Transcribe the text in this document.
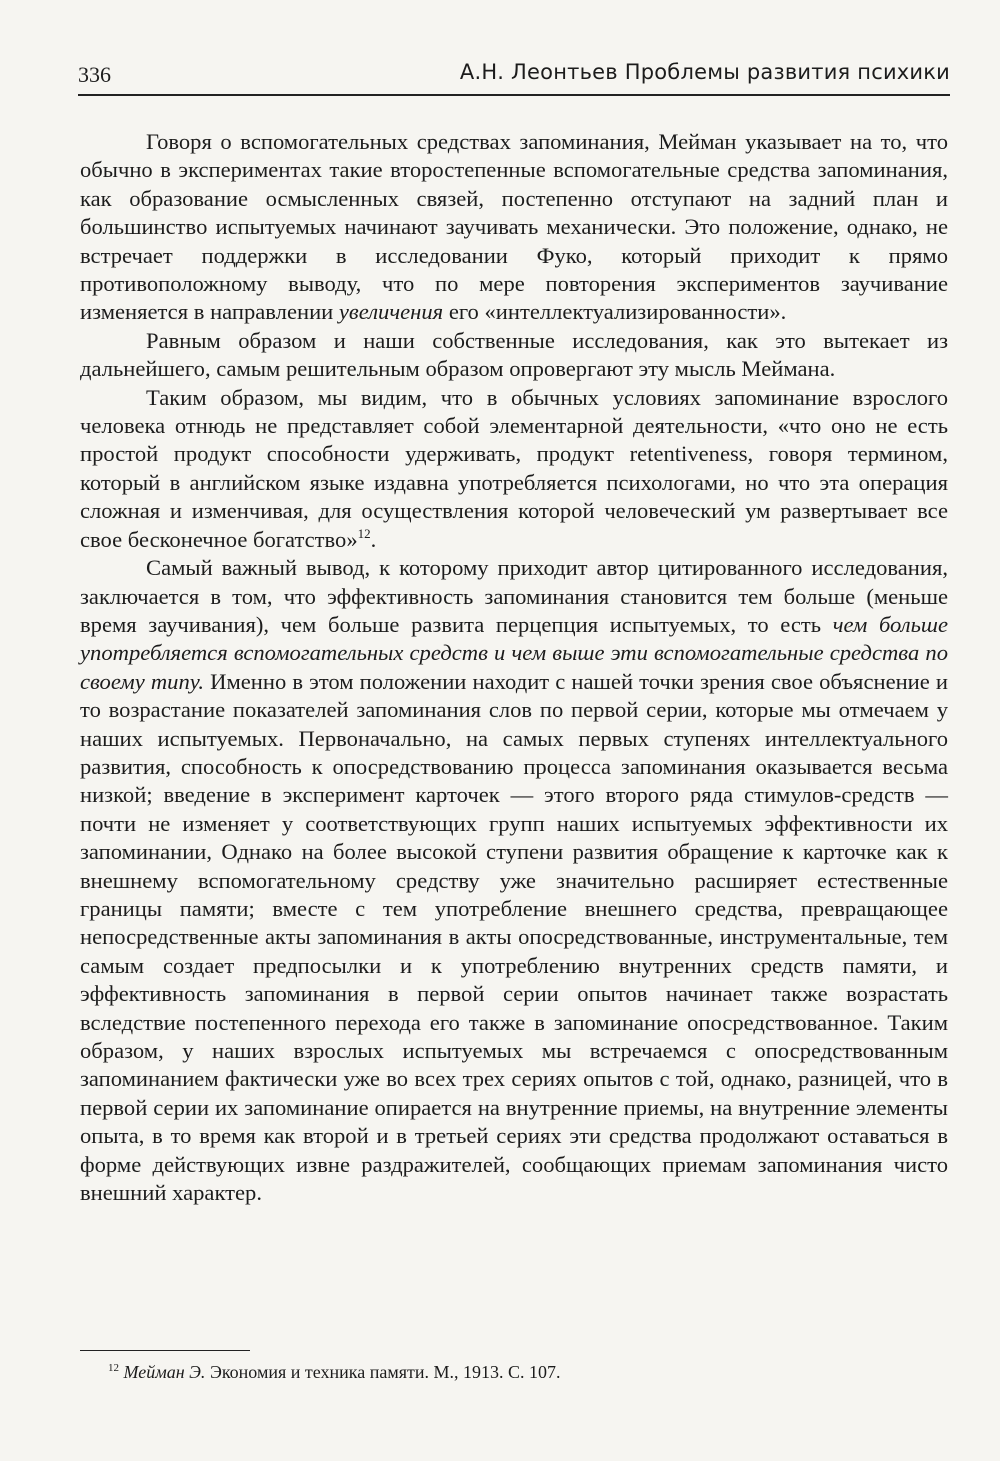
336	А.Н. Леонтьев Проблемы развития психики

Говоря о вспомогательных средствах запоминания, Мейман указывает на то, что обычно в экспериментах такие второстепенные вспомогательные средства запоминания, как образование осмысленных связей, постепенно отступают на задний план и большинство испытуемых начинают заучивать механически. Это положение, однако, не встречает поддержки в исследовании Фуко, который приходит к прямо противоположному выводу, что по мере повторения экспериментов заучивание изменяется в направлении увеличения его «интеллектуализированности».

Равным образом и наши собственные исследования, как это вытекает из дальнейшего, самым решительным образом опровергают эту мысль Меймана.

Таким образом, мы видим, что в обычных условиях запоминание взрослого человека отнюдь не представляет собой элементарной деятельности, «что оно не есть простой продукт способности удерживать, продукт retentiveness, говоря термином, который в английском языке издавна употребляется психологами, но что эта операция сложная и изменчивая, для осуществления которой человеческий ум развертывает все свое бесконечное богатство»$^{12}$.

Самый важный вывод, к которому приходит автор цитированного исследования, заключается в том, что эффективность запоминания становится тем больше (меньше время заучивания), чем больше развита перцепция испытуемых, то есть чем больше употребляется вспомогательных средств и чем выше эти вспомогательные средства по своему типу. Именно в этом положении находит с нашей точки зрения свое объяснение и то возрастание показателей запоминания слов по первой серии, которые мы отмечаем у наших испытуемых. Первоначально, на самых первых ступенях интеллектуального развития, способность к опосредствованию процесса запоминания оказывается весьма низкой; введение в эксперимент карточек — этого второго ряда стимулов-средств — почти не изменяет у соответствующих групп наших испытуемых эффективности их запоминании, Однако на более высокой ступени развития обращение к карточке как к внешнему вспомогательному средству уже значительно расширяет естественные границы памяти; вместе с тем употребление внешнего средства, превращающее непосредственные акты запоминания в акты опосредствованные, инструментальные, тем самым создает предпосылки и к употреблению внутренних средств памяти, и эффективность запоминания в первой серии опытов начинает также возрастать вследствие постепенного перехода его также в запоминание опосредствованное. Таким образом, у наших взрослых испытуемых мы встречаемся с опосредствованным запоминанием фактически уже во всех трех сериях опытов с той, однако, разницей, что в первой серии их запоминание опирается на внутренние приемы, на внутренние элементы опыта, в то время как второй и в третьей сериях эти средства продолжают оставаться в форме действующих извне раздражителей, сообщающих приемам запоминания чисто внешний характер.

$^{12}$ Мейман Э. Экономия и техника памяти. М., 1913. С. 107.
